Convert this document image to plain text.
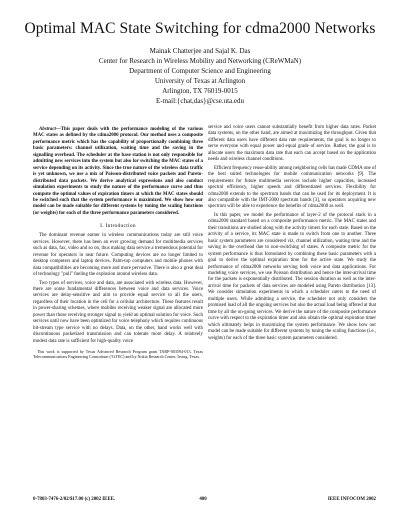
Optimal MAC State Switching for cdma2000 Networks
Mainak Chatterjee and Sajal K. Das
Center for Research in Wireless Mobility and Networking (CReWMaN)
Department of Computer Science and Engineering
University of Texas at Arlington
Arlington, TX 76019-0015
E-mail:{chat,das}@cse.uta.edu

Abstract—This paper deals with the performance modeling of the various MAC states as defined by the cdma2000 protocol. Our method uses a composite performance metric which has the capability of proportionally combining three basic parameters: channel utilization, waiting time and the saving in the signalling overhead. The scheduler at the base station is not only responsible for admitting new services into the system but also for switching the MAC states of a service depending on its activity. Since the true nature of the wireless data traffic is yet unknown, we use a mix of Poisson-distributed voice packets and Pareto-distributed data packets. We derive analytical expressions and also conduct simulation experiments to study the nature of the performance curve and thus compute the optimal values of expiration timers at which the MAC states should be switched such that the system performance is maximized. We show how our model can be made suitable for different systems by tuning the scaling functions (or weights) for each of the three performance parameters considered.

I. Introduction

The dominant revenue earner in wireless communications today are still voice services. However, there has been an ever growing demand for multimedia services such as data, fax, video and so on, thus making data service a tremendous potential for revenue for operators in near future. Computing devices are no longer limited to desktop computers and laptop devices. Palm-top computers and mobile phones with data compatibilities are becoming more and more pervasive. There is also a great deal of technology "pull" fueling the explosion around wireless data.

Two types of services, voice and data, are associated with wireless data. However, there are some fundamental differences between voice and data services. Voice services are delay-sensitive and aim to provide equal service to all the users, regardless of their location in the cell for a cellular architecture. These features result in power-sharing schemes, where mobiles receiving weaker signal are allocated more power than those receiving stronger signal to yield an optimal solution for voice. Such services until now have been optimized for voice telephony which requires continuous bit-stream type service with no delays. Data, on the other, hand works well with discontinuous packetized transmission and can tolerate more delay. A relatively modest data rate is sufficient for high-quality voice

This work is supported by Texas Advanced Research Program grant TARP-003594-013, Texas Telecommunications Engineering Consortium (TxTEC) and by Nokia Research Center, Irving, Texas.

service and voice users cannot substantially benefit from higher data rates. Packet data systems, on the other hand, are aimed at maximizing the throughput. Given that different data users have different data rate requirements, the goal is no longer to serve everyone with equal power and equal grade of service. Rather, the goal is to allocate users the maximum data rate that each can accept based on the application needs and wireless channel conditions.

Efficient frequency reuse-ability among neighboring cells has made CDMA one of the best suited technologies for mobile communication networks [9]. The requirements for future multimedia services include higher capacities, increased spectral efficiency, higher speeds and differentiated services. Flexibility for cdma2000 extends to the spectrum bands that can be used for its deployment. It is also compatible with the IMT-2000 spectrum bands [3], so operators acquiring new spectrum will be able to experience the benefits of cdma2000 as well.

In this paper, we model the performance of layer-2 of the protocol stack in a cdma2000 standard based on a composite performance metric. The MAC states and their transitions are studied along with the activity timers for each state. Based on the activity of a service, its MAC state is made to switch from one to another. Three basic system parameters are considered viz, channel utilization, waiting time and the saving in the overhead due to non-switching of states. A composite metric for the system performance is thus formulated by combining these basic parameters with a goal to derive the optimal expiration time for the active state. We study the performance of cdma2000 networks serving both voice and data applications. For modeling voice services, we use Poisson distribution and hence the inter-arrival time for the packets is exponentially distributed. The session duration as well as the inter-arrival time for packets of data services are modeled using Pareto distribution [13]. We consider simulation experiments in which a scheduler caters to the need of multiple users. While admitting a service, the scheduler not only considers the promised load of all the ongoing services but also the actual load being offered at that time by all the on-going services. We derive the nature of the composite performance curve with respect to the expiration timer and also obtain the optimal expiration timer which ultimately helps in maximizing the system performance. We show how our model can be made suitable for different systems by tuning the scaling functions (i.e., weights) for each of the three basic system parameters considered.

0-7803-7476-2/02/$17.00 (c) 2002 IEEE.	400	IEEE INFOCOM 2002
